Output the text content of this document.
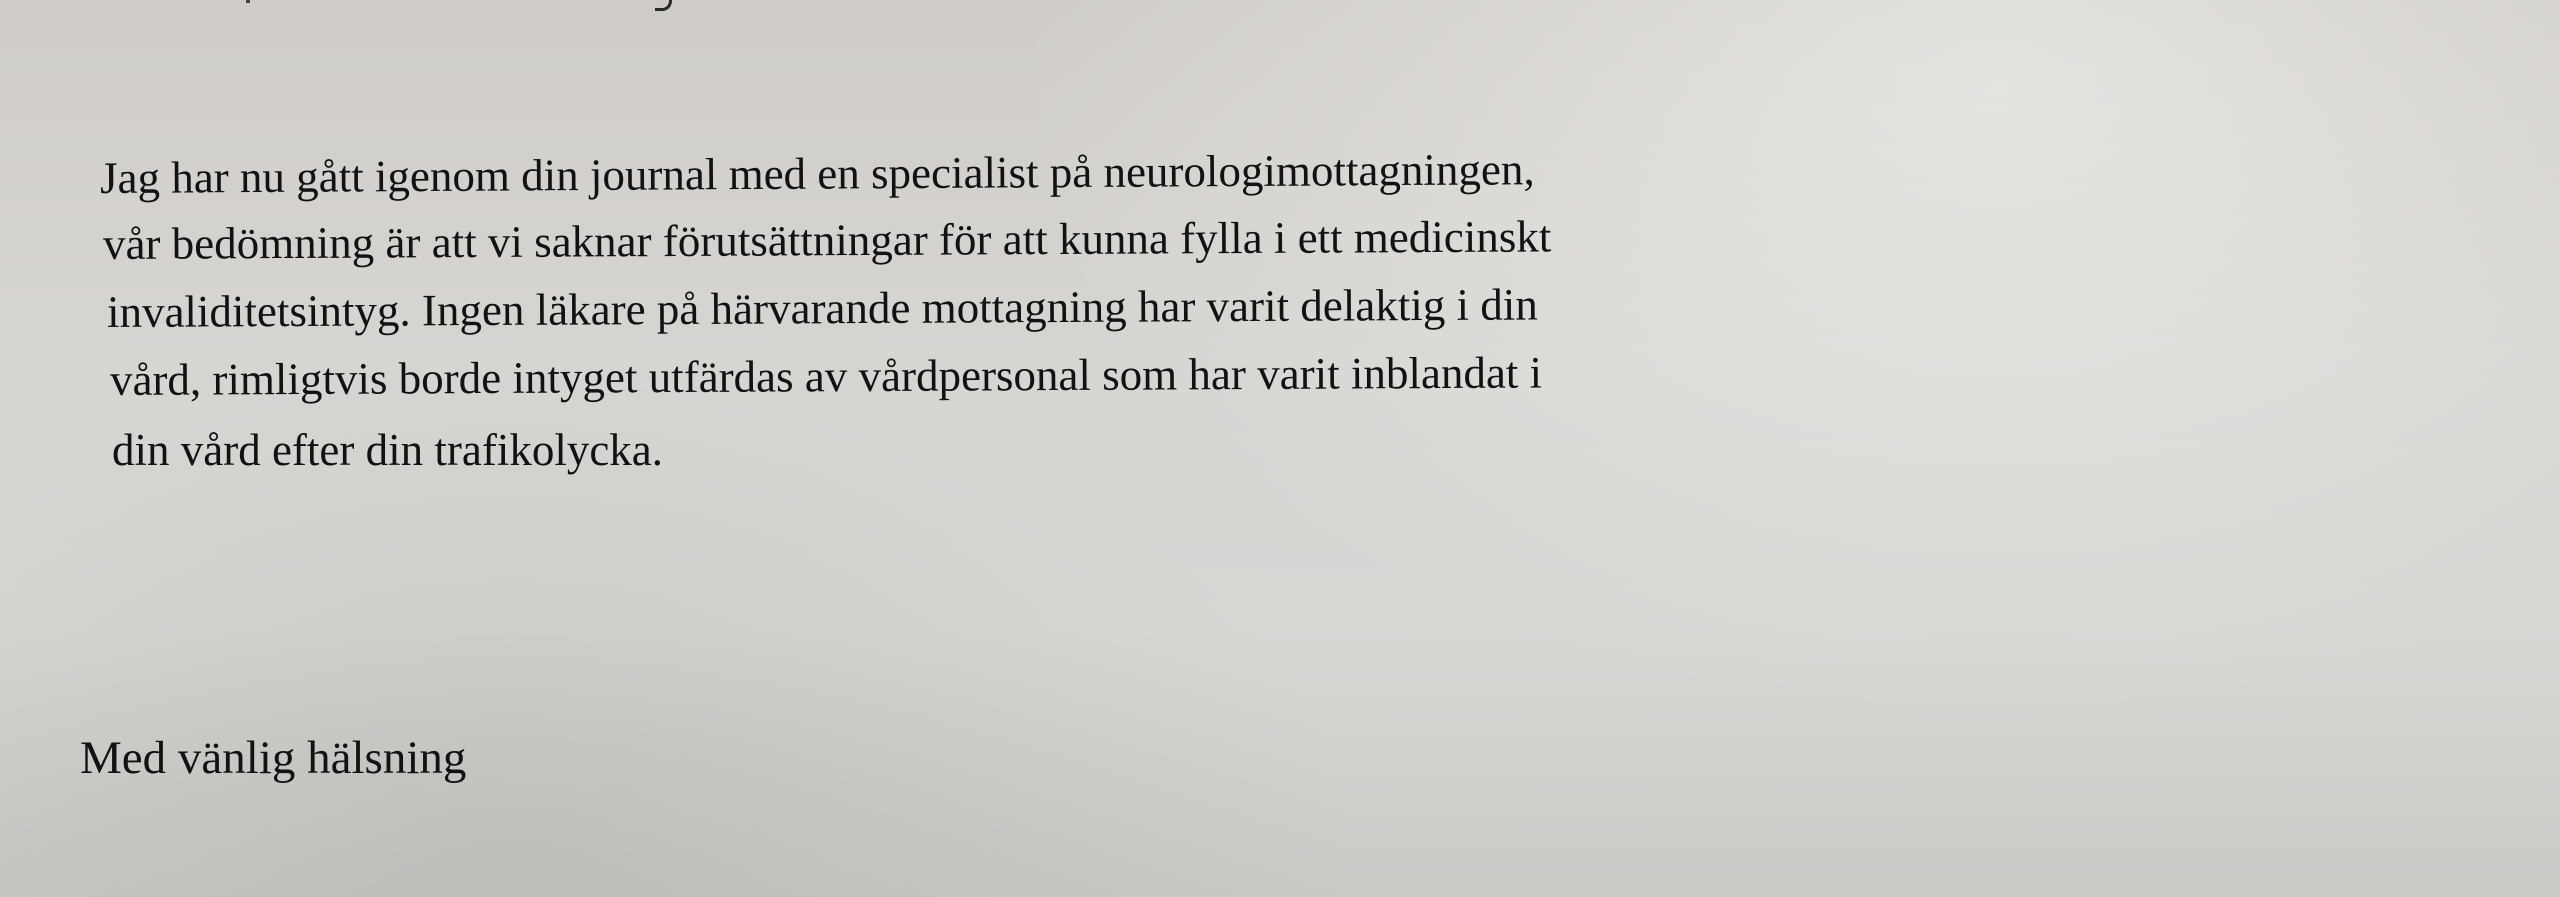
Jag har nu gått igenom din journal med en specialist på neurologimottagningen,

vår bedömning är att vi saknar förutsättningar för att kunna fylla i ett medicinskt

invaliditetsintyg. Ingen läkare på härvarande mottagning har varit delaktig i din

vård, rimligtvis borde intyget utfärdas av vårdpersonal som har varit inblandat i

din vård efter din trafikolycka.

Med vänlig hälsning
